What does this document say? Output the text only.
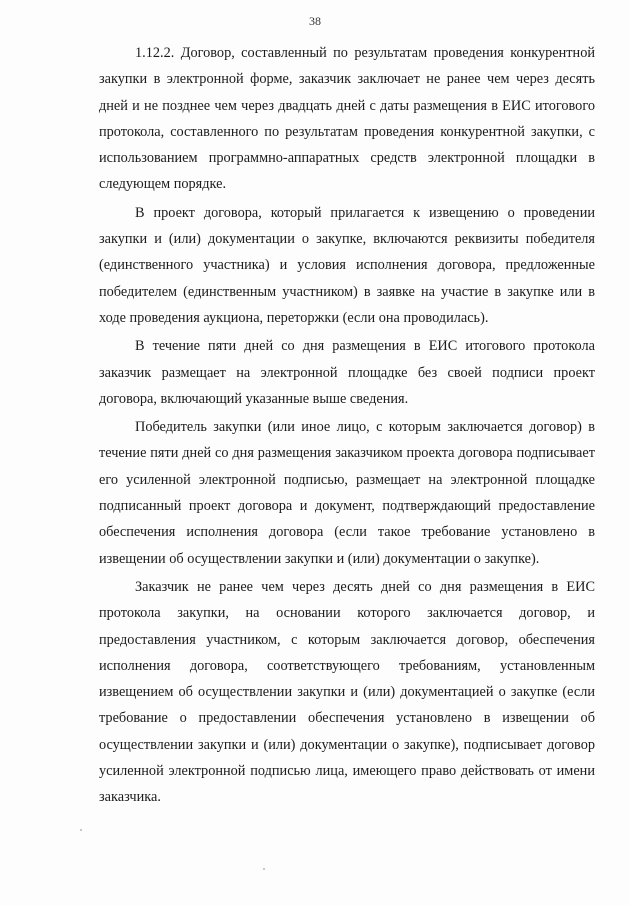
38

1.12.2. Договор, составленный по результатам проведения конкурентной закупки в электронной форме, заказчик заключает не ранее чем через десять дней и не позднее чем через двадцать дней с даты размещения в ЕИС итогового протокола, составленного по результатам проведения конкурентной закупки, с использованием программно-аппаратных средств электронной площадки в следующем порядке.

В проект договора, который прилагается к извещению о проведении закупки и (или) документации о закупке, включаются реквизиты победителя (единственного участника) и условия исполнения договора, предложенные победителем (единственным участником) в заявке на участие в закупке или в ходе проведения аукциона, переторжки (если она проводилась).

В течение пяти дней со дня размещения в ЕИС итогового протокола заказчик размещает на электронной площадке без своей подписи проект договора, включающий указанные выше сведения.

Победитель закупки (или иное лицо, с которым заключается договор) в течение пяти дней со дня размещения заказчиком проекта договора подписывает его усиленной электронной подписью, размещает на электронной площадке подписанный проект договора и документ, подтверждающий предоставление обеспечения исполнения договора (если такое требование установлено в извещении об осуществлении закупки и (или) документации о закупке).

Заказчик не ранее чем через десять дней со дня размещения в ЕИС протокола закупки, на основании которого заключается договор, и предоставления участником, с которым заключается договор, обеспечения исполнения договора, соответствующего требованиям, установленным извещением об осуществлении закупки и (или) документацией о закупке (если требование о предоставлении обеспечения установлено в извещении об осуществлении закупки и (или) документации о закупке), подписывает договор усиленной электронной подписью лица, имеющего право действовать от имени заказчика.
